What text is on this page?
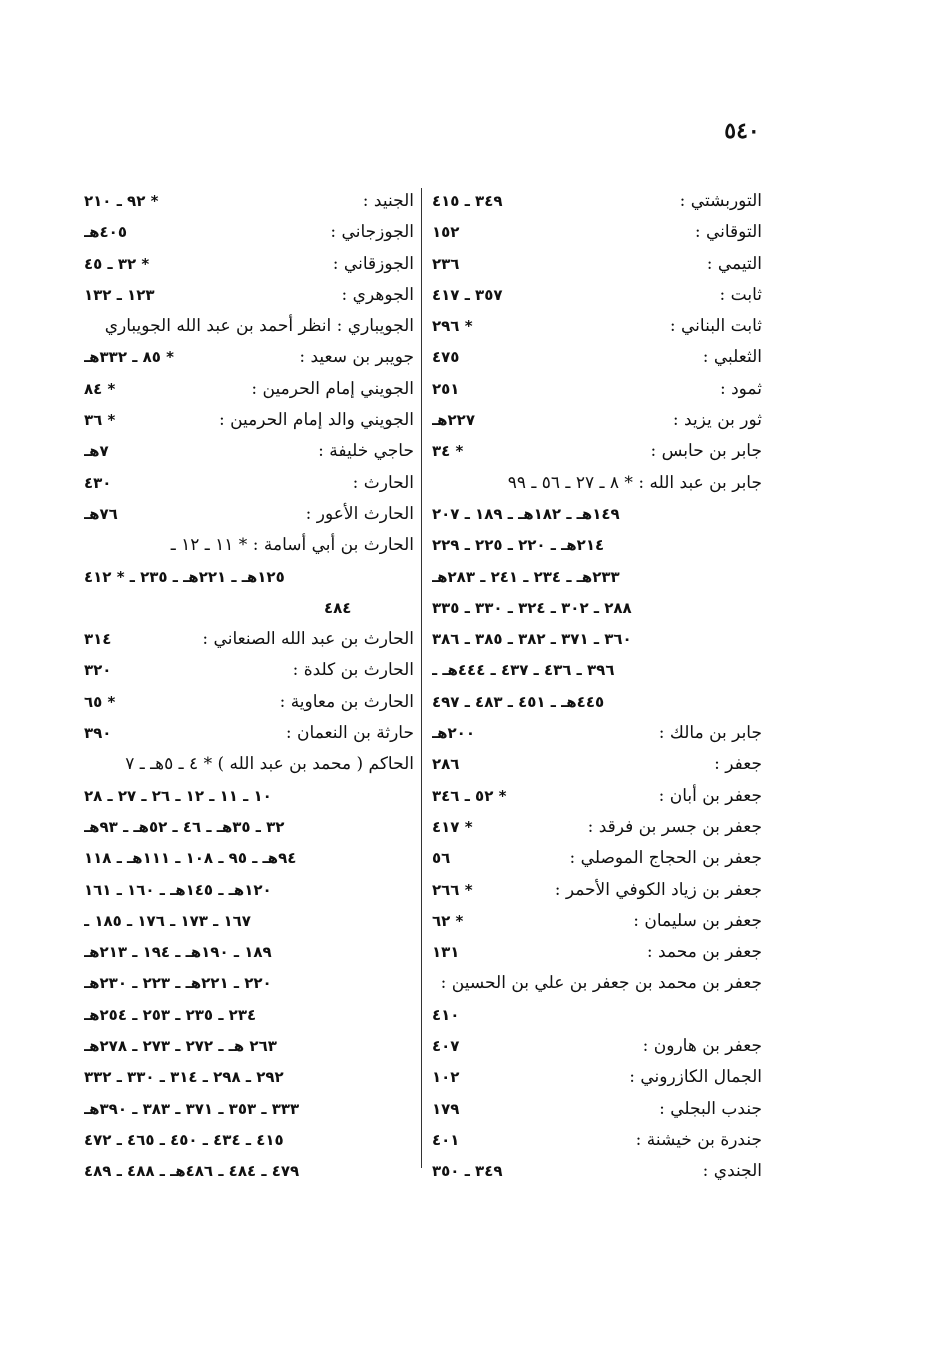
٥٤٠
التوربشتي :
٣٤٩ ـ ٤١٥
التوقاني :
١٥٢
التيمي :
٢٣٦
ثابت :
٣٥٧ ـ ٤١٧
ثابت البناني :
* ٢٩٦
الثعلبي :
٤٧٥
ثمود :
٢٥١
ثور بن يزيد :
٢٢٧هـ
جابر بن حابس :
* ٣٤
جابر بن عبد الله : * ٨ ـ ٢٧ ـ ٥٦ ـ ٩٩
١٤٩هـ ـ ١٨٢هـ ـ ١٨٩ ـ ٢٠٧
٢١٤هـ ـ ٢٢٠ ـ ٢٢٥ ـ ٢٢٩
٢٣٣هـ ـ ٢٣٤ ـ ٢٤١ ـ ٢٨٣هـ
٢٨٨ ـ ٣٠٢ ـ ٣٢٤ ـ ٣٣٠ ـ ٣٣٥
٣٦٠ ـ ٣٧١ ـ ٣٨٢ ـ ٣٨٥ ـ ٣٨٦
٣٩٦ ـ ٤٣٦ ـ ٤٣٧ ـ ٤٤٤هـ ـ
٤٤٥هـ ـ ٤٥١ ـ ٤٨٣ ـ ٤٩٧
جابر بن مالك :
٢٠٠هـ
جعفر :
٢٨٦
جعفر بن أبان :
* ٥٢ ـ ٣٤٦
جعفر بن جسر بن فرقد :
* ٤١٧
جعفر بن الحجاج الموصلي :
٥٦
جعفر بن زياد الكوفي الأحمر :
* ٢٦٦
جعفر بن سليمان :
* ٦٢
جعفر بن محمد :
١٣١
جعفر بن محمد بن جعفر بن علي بن الحسين :
٤١٠
جعفر بن هارون :
٤٠٧
الجمال الكازروني :
١٠٢
جندب البجلي :
١٧٩
جندرة بن خيشنة :
٤٠١
الجندي :
٣٤٩ ـ ٣٥٠
الجنيد :
* ٩٢ ـ ٢١٠
الجوزجاني :
٤٠٥هـ
الجوزقاني :
* ٣٢ ـ ٤٥
الجوهري :
١٢٣ ـ ١٣٢
الجويباري : انظر أحمد بن عبد الله الجويباري
جويبر بن سعيد :
* ٨٥ ـ ٣٣٢هـ
الجويني إمام الحرمين :
* ٨٤
الجويني والد إمام الحرمين :
* ٣٦
حاجي خليفة :
٧هـ
الحارث :
٤٣٠
الحارث الأعور :
٧٦هـ
الحارث بن أبي أسامة : * ١١ ـ ١٢ ـ
١٢٥هـ ـ ٢٢١هـ ـ ٢٣٥ ـ * ٤١٢
٤٨٤
الحارث بن عبد الله الصنعاني :
٣١٤
الحارث بن كلدة :
٣٢٠
الحارث بن معاوية :
* ٦٥
حارثة بن النعمان :
٣٩٠
الحاكم ( محمد بن عبد الله ) * ٤ ـ ٥هـ ـ ٧
١٠ ـ ١١ ـ ١٢ ـ ٢٦ ـ ٢٧ ـ ٢٨
٣٢ ـ ٣٥هـ ـ ٤٦ ـ ٥٢هـ ـ ٩٣هـ
٩٤هـ ـ ٩٥ ـ ١٠٨ ـ ١١١هـ ـ ١١٨
١٢٠هـ ـ ١٤٥هـ ـ ١٦٠ ـ ١٦١
١٦٧ ـ ١٧٣ ـ ١٧٦ ـ ١٨٥ ـ
١٨٩ ـ ١٩٠هـ ـ ١٩٤ ـ ٢١٣هـ
٢٢٠ ـ ٢٢١هـ ـ ٢٢٣ ـ ٢٣٠هـ
٢٣٤ ـ ٢٣٥ ـ ٢٥٣ ـ ٢٥٤هـ
٢٦٣ هـ ـ ٢٧٢ ـ ٢٧٣ ـ ٢٧٨هـ
٢٩٢ ـ ٢٩٨ ـ ٣١٤ ـ ٣٣٠ ـ ٣٣٢
٣٣٣ ـ ٣٥٣ ـ ٣٧١ ـ ٣٨٣ ـ ٣٩٠هـ
٤١٥ ـ ٤٣٤ ـ ٤٥٠ ـ ٤٦٥ ـ ٤٧٢
٤٧٩ ـ ٤٨٤ ـ ٤٨٦هـ ـ ٤٨٨ ـ ٤٨٩
